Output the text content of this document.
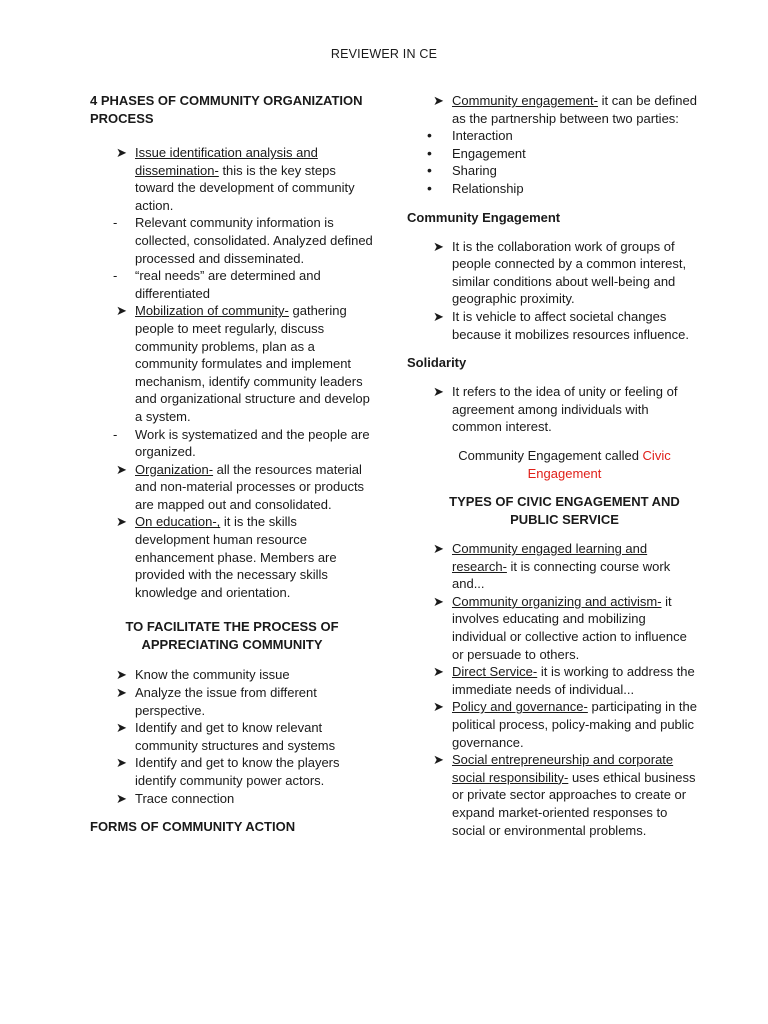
REVIEWER IN CE

4 PHASES OF COMMUNITY ORGANIZATION PROCESS

➤ Issue identification analysis and dissemination- this is the key steps toward the development of community action.
-	Relevant community information is collected, consolidated. Analyzed defined processed and disseminated.
-	“real needs” are determined and differentiated
➤ Mobilization of community- gathering people to meet regularly, discuss community problems, plan as a community formulates and implement mechanism, identify community leaders and organizational structure and develop a system.
-	Work is systematized and the people are organized.
➤ Organization- all the resources material and non-material processes or products are mapped out and consolidated.
➤ On education-, it is the skills development human resource enhancement phase. Members are provided with the necessary skills knowledge and orientation.

TO FACILITATE THE PROCESS OF APPRECIATING COMMUNITY

➤ Know the community issue
➤ Analyze the issue from different perspective.
➤ Identify and get to know relevant community structures and systems
➤ Identify and get to know the players identify community power actors.
➤ Trace connection

FORMS OF COMMUNITY ACTION

➤ Community engagement- it can be defined as the partnership between two parties:
•	Interaction
•	Engagement
•	Sharing
•	Relationship

Community Engagement

➤ It is the collaboration work of groups of people connected by a common interest, similar conditions about well-being and geographic proximity.
➤ It is vehicle to affect societal changes because it mobilizes resources influence.

Solidarity

➤ It refers to the idea of unity or feeling of agreement among individuals with common interest.

Community Engagement called Civic Engagement

TYPES OF CIVIC ENGAGEMENT AND PUBLIC SERVICE

➤ Community engaged learning and research- it is connecting course work and...
➤ Community organizing and activism- it involves educating and mobilizing individual or collective action to influence or persuade to others.
➤ Direct Service- it is working to address the immediate needs of individual...
➤ Policy and governance- participating in the political process, policy-making and public governance.
➤ Social entrepreneurship and corporate social responsibility- uses ethical business or private sector approaches to create or expand market-oriented responses to social or environmental problems.
